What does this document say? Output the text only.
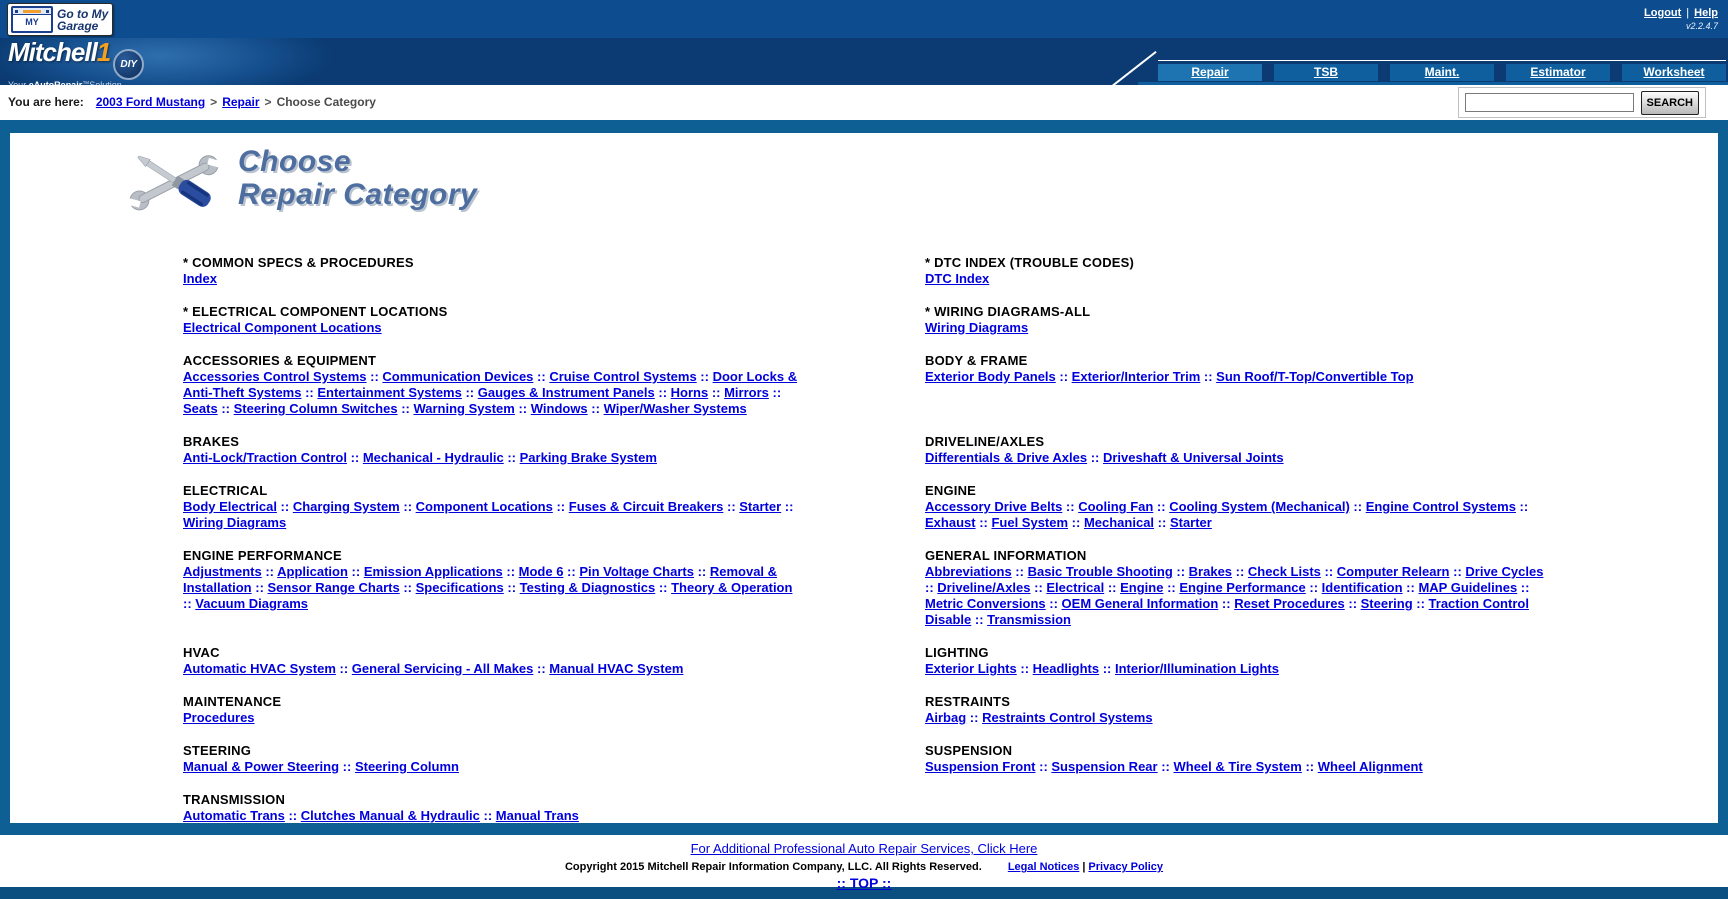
MY
Go to My
Garage
Logout | Help
v2.2.4.7
Mitchell1 DIY
Repair	TSB	Maint.	Estimator	Worksheet
You are here: 2003 Ford Mustang > Repair > Choose Category	SEARCH
Choose
Repair Category
* COMMON SPECS & PROCEDURES
Index
* DTC INDEX (TROUBLE CODES)
DTC Index
* ELECTRICAL COMPONENT LOCATIONS
Electrical Component Locations
* WIRING DIAGRAMS-ALL
Wiring Diagrams
ACCESSORIES & EQUIPMENT
Accessories Control Systems :: Communication Devices :: Cruise Control Systems :: Door Locks & Anti-Theft Systems :: Entertainment Systems :: Gauges & Instrument Panels :: Horns :: Mirrors :: Seats :: Steering Column Switches :: Warning System :: Windows :: Wiper/Washer Systems
BODY & FRAME
Exterior Body Panels :: Exterior/Interior Trim :: Sun Roof/T-Top/Convertible Top
BRAKES
Anti-Lock/Traction Control :: Mechanical - Hydraulic :: Parking Brake System
DRIVELINE/AXLES
Differentials & Drive Axles :: Driveshaft & Universal Joints
ELECTRICAL
Body Electrical :: Charging System :: Component Locations :: Fuses & Circuit Breakers :: Starter :: Wiring Diagrams
ENGINE
Accessory Drive Belts :: Cooling Fan :: Cooling System (Mechanical) :: Engine Control Systems :: Exhaust :: Fuel System :: Mechanical :: Starter
ENGINE PERFORMANCE
Adjustments :: Application :: Emission Applications :: Mode 6 :: Pin Voltage Charts :: Removal & Installation :: Sensor Range Charts :: Specifications :: Testing & Diagnostics :: Theory & Operation :: Vacuum Diagrams
GENERAL INFORMATION
Abbreviations :: Basic Trouble Shooting :: Brakes :: Check Lists :: Computer Relearn :: Drive Cycles :: Driveline/Axles :: Electrical :: Engine :: Engine Performance :: Identification :: MAP Guidelines :: Metric Conversions :: OEM General Information :: Reset Procedures :: Steering :: Traction Control Disable :: Transmission
HVAC
Automatic HVAC System :: General Servicing - All Makes :: Manual HVAC System
LIGHTING
Exterior Lights :: Headlights :: Interior/Illumination Lights
MAINTENANCE
Procedures
RESTRAINTS
Airbag :: Restraints Control Systems
STEERING
Manual & Power Steering :: Steering Column
SUSPENSION
Suspension Front :: Suspension Rear :: Wheel & Tire System :: Wheel Alignment
TRANSMISSION
Automatic Trans :: Clutches Manual & Hydraulic :: Manual Trans
For Additional Professional Auto Repair Services, Click Here
Copyright 2015 Mitchell Repair Information Company, LLC. All Rights Reserved. Legal Notices | Privacy Policy
:: TOP ::
